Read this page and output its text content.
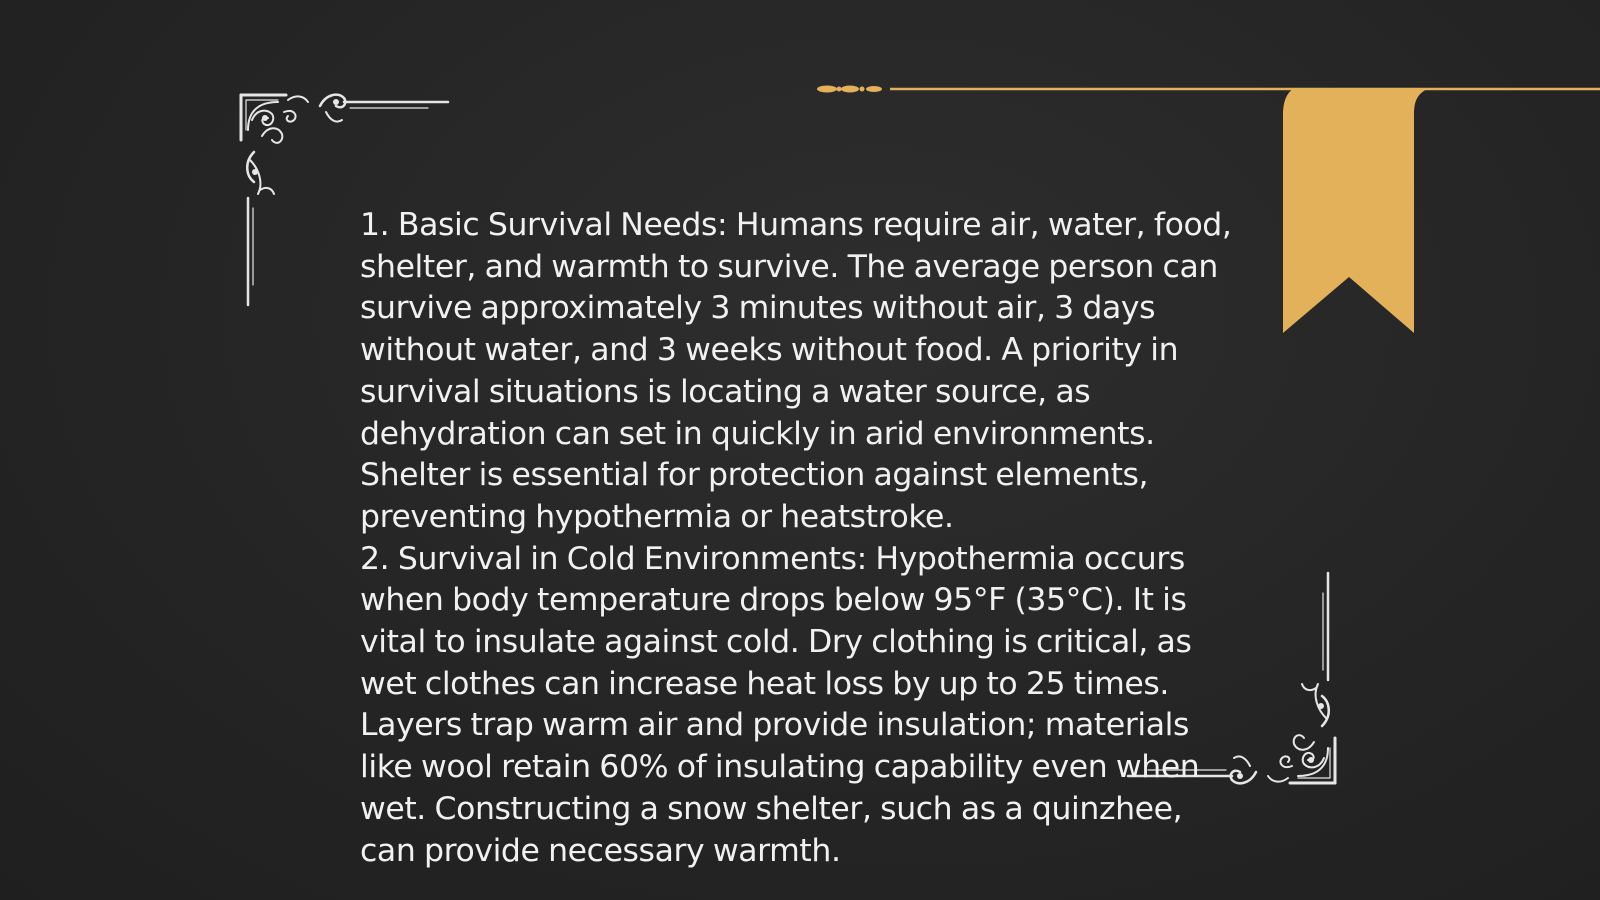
1. Basic Survival Needs: Humans require air, water, food, shelter, and warmth to survive. The average person can survive approximately 3 minutes without air, 3 days without water, and 3 weeks without food. A priority in survival situations is locating a water source, as dehydration can set in quickly in arid environments. Shelter is essential for protection against elements, preventing hypothermia or heatstroke.

2. Survival in Cold Environments: Hypothermia occurs when body temperature drops below 95°F (35°C). It is vital to insulate against cold. Dry clothing is critical, as wet clothes can increase heat loss by up to 25 times. Layers trap warm air and provide insulation; materials like wool retain 60% of insulating capability even when wet. Constructing a snow shelter, such as a quinzhee, can provide necessary warmth.
